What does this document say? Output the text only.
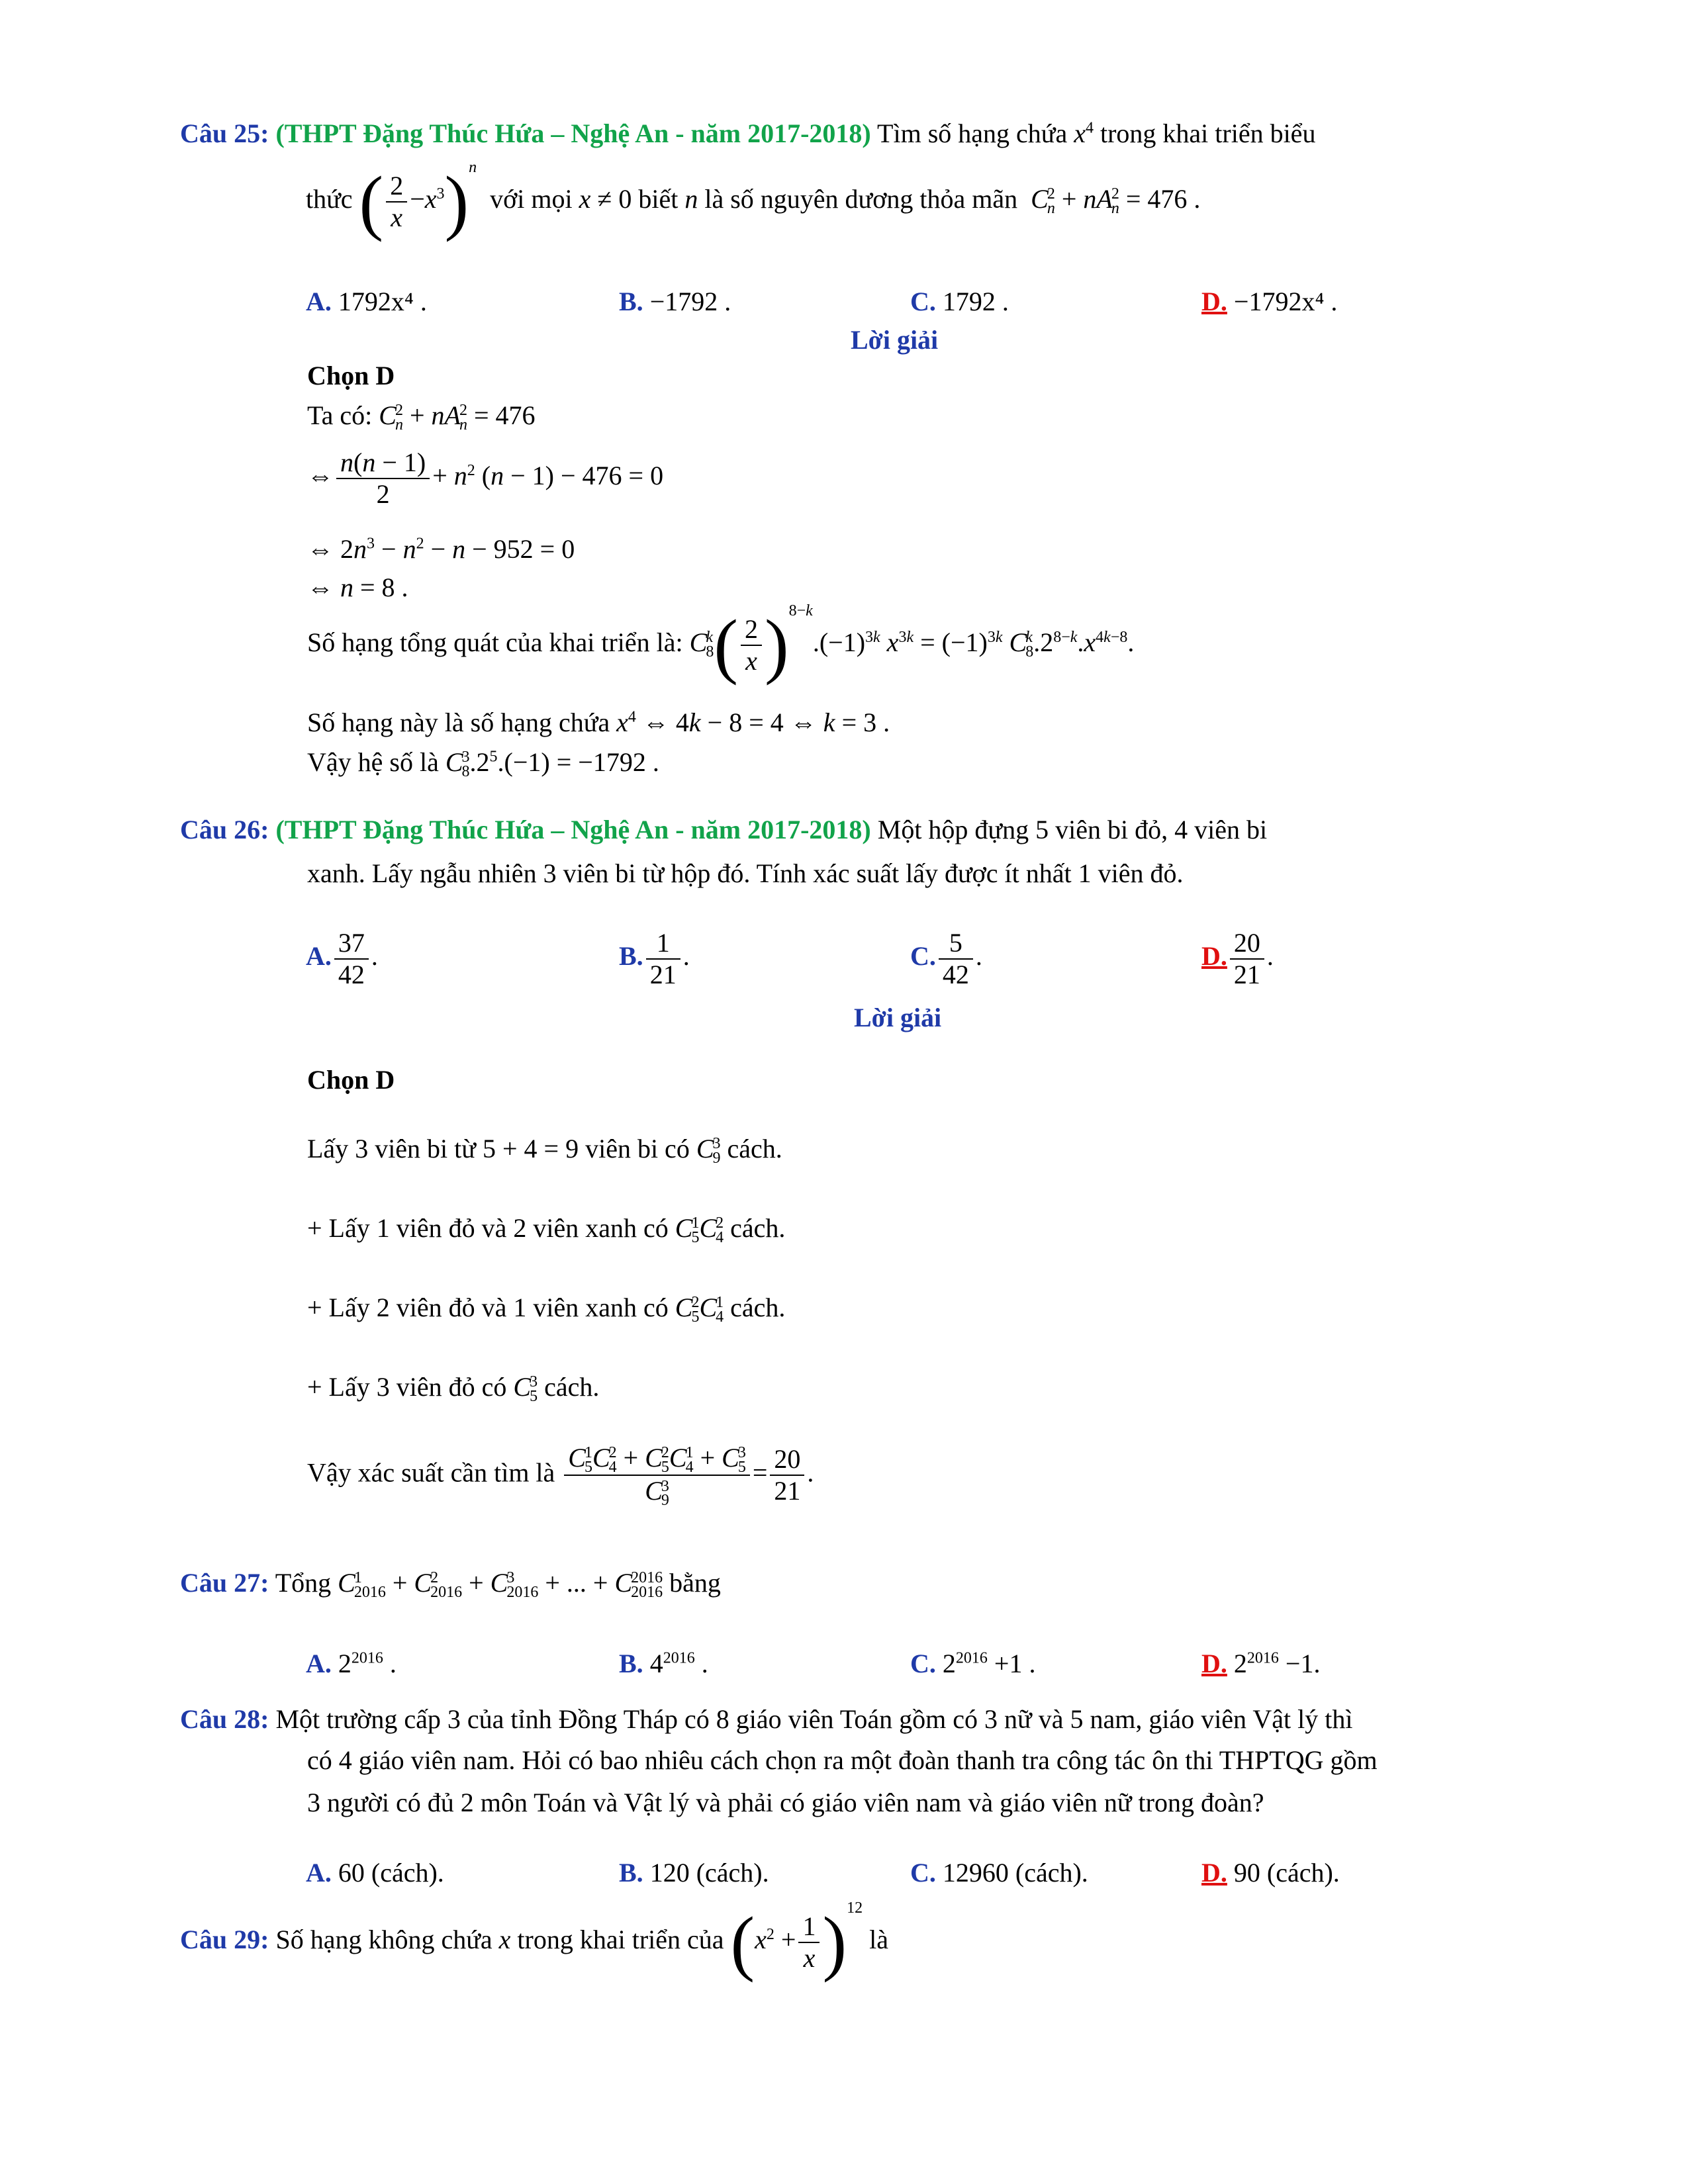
Câu 25: (THPT Đặng Thúc Hứa – Nghệ An - năm 2017-2018) Tìm số hạng chứa $x^4$ trong khai triển biểu
thức ( $\frac{2}{x} -x^3)^n$  với mọi x ≠ 0 biết n là số nguyên dương thỏa mãn C
2
n + nA
2
n = 476 .
A. 1792x⁴ .	B. −1792 .	C. 1792 .	D. −1792x⁴ .
Lời giải
Chọn D
Ta có: C
2
n + nA
2
n = 476
⇔ $\frac{n(n - 1)}{2} + n^2$ (n − 1) − 476 = 0
⇔ $2n^3 - n^2 - n - 952 = 0$
⇔ n = 8 .
Số hạng tổng quát của khai triển là: C
k
8 ( $\frac{2}{x} )^{8-k}.(-1)^{3k}$ $x^{3k} = (-1)^{3k}$ C
k
8 $.2^{8-k}.x^{4k-8}$.
Số hạng này là số hạng chứa $x^4$ ⇔ 4k − 8 = 4 ⇔ k = 3 .
Vậy hệ số là C
3
8 $.2^5.(-1) = -1792$ .
Câu 26: (THPT Đặng Thúc Hứa – Nghệ An - năm 2017-2018) Một hộp đựng 5 viên bi đỏ, 4 viên bi
xanh. Lấy ngẫu nhiên 3 viên bi từ hộp đó. Tính xác suất lấy được ít nhất 1 viên đỏ.
A. $\frac{37}{42}$ .	B. $\frac{1}{21}$ .	C. $\frac{5}{42}$ .	D. $\frac{20}{21}$ .
Lời giải
Chọn D
Lấy 3 viên bi từ 5 + 4 = 9 viên bi có C
3
9 cách.
+ Lấy 1 viên đỏ và 2 viên xanh có C
1
5 C
2
4 cách.
+ Lấy 2 viên đỏ và 1 viên xanh có C
2
5 C
1
4 cách.
+ Lấy 3 viên đỏ có C
3
5 cách.
Vậy xác suất cần tìm là C
1
5 C
2
4 + C
2
5 C
1
4 + C
3
5
C
3
$9 = \frac{20}{21}$ .
Câu 27: Tổng C
1
2016 + C
2
2016 + C
3
2016 + ... + C
2016
2016 bằng
A. $2^{2016}$ .	B. $4^{2016}$ .	C. $2^{2016} +1$ .	D. $2^{2016} -1$.
Câu 28: Một trường cấp 3 của tỉnh Đồng Tháp có 8 giáo viên Toán gồm có 3 nữ và 5 nam, giáo viên Vật lý thì
có 4 giáo viên nam. Hỏi có bao nhiêu cách chọn ra một đoàn thanh tra công tác ôn thi THPTQG gồm
3 người có đủ 2 môn Toán và Vật lý và phải có giáo viên nam và giáo viên nữ trong đoàn?
A. 60 (cách).	B. 120 (cách).	C. 12960 (cách).	D. 90 (cách).
Câu 29: Số hạng không chứa x trong khai triển của $(x^2 + \frac{1}{x} )^{12}$ là
